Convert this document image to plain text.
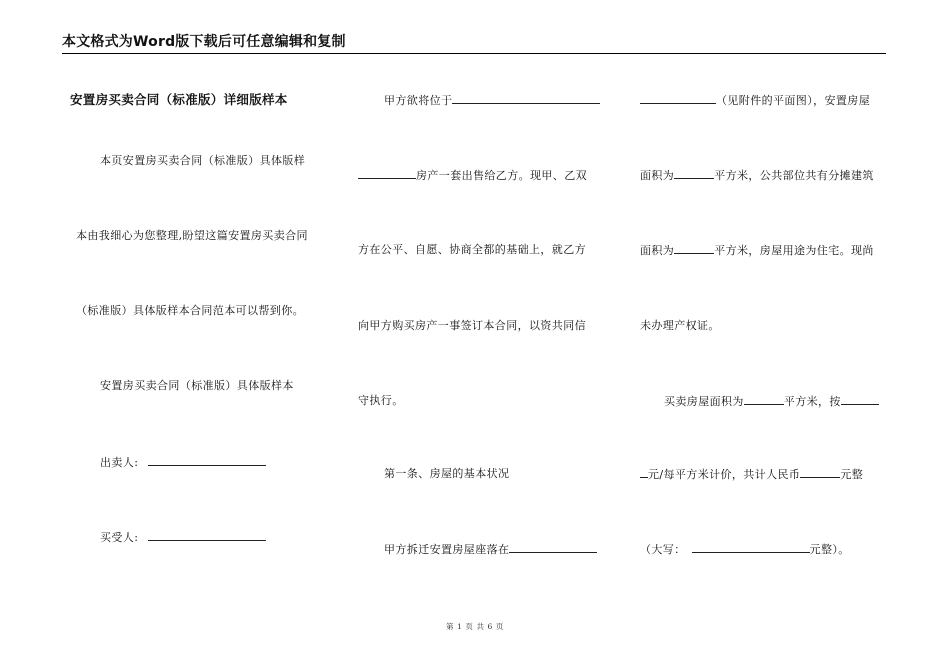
本文格式为Word版下载后可任意编辑和复制
安置房买卖合同（标准版）详细版样本
本页安置房买卖合同（标准版）具体版样
本由我细心为您整理,盼望这篇安置房买卖合同
（标准版）具体版样本合同范本可以帮到你。
安置房买卖合同（标准版）具体版样本
出卖人:
买受人:
甲方欲将位于
房产一套出售给乙方。现甲、乙双
方在公平、自愿、协商全都的基础上，就乙方
向甲方购买房产一事签订本合同，以资共同信
守执行。
第一条、房屋的基本状况
甲方拆迁安置房屋座落在
（见附件的平面图），安置房屋
面积为	平方米，公共部位共有分摊建筑
面积为	平方米，房屋用途为住宅。现尚
未办理产权证。
买卖房屋面积为	平方米，按
元/每平方米计价，共计人民币	元整
（大写：	元整）。
第 1 页 共 6 页
